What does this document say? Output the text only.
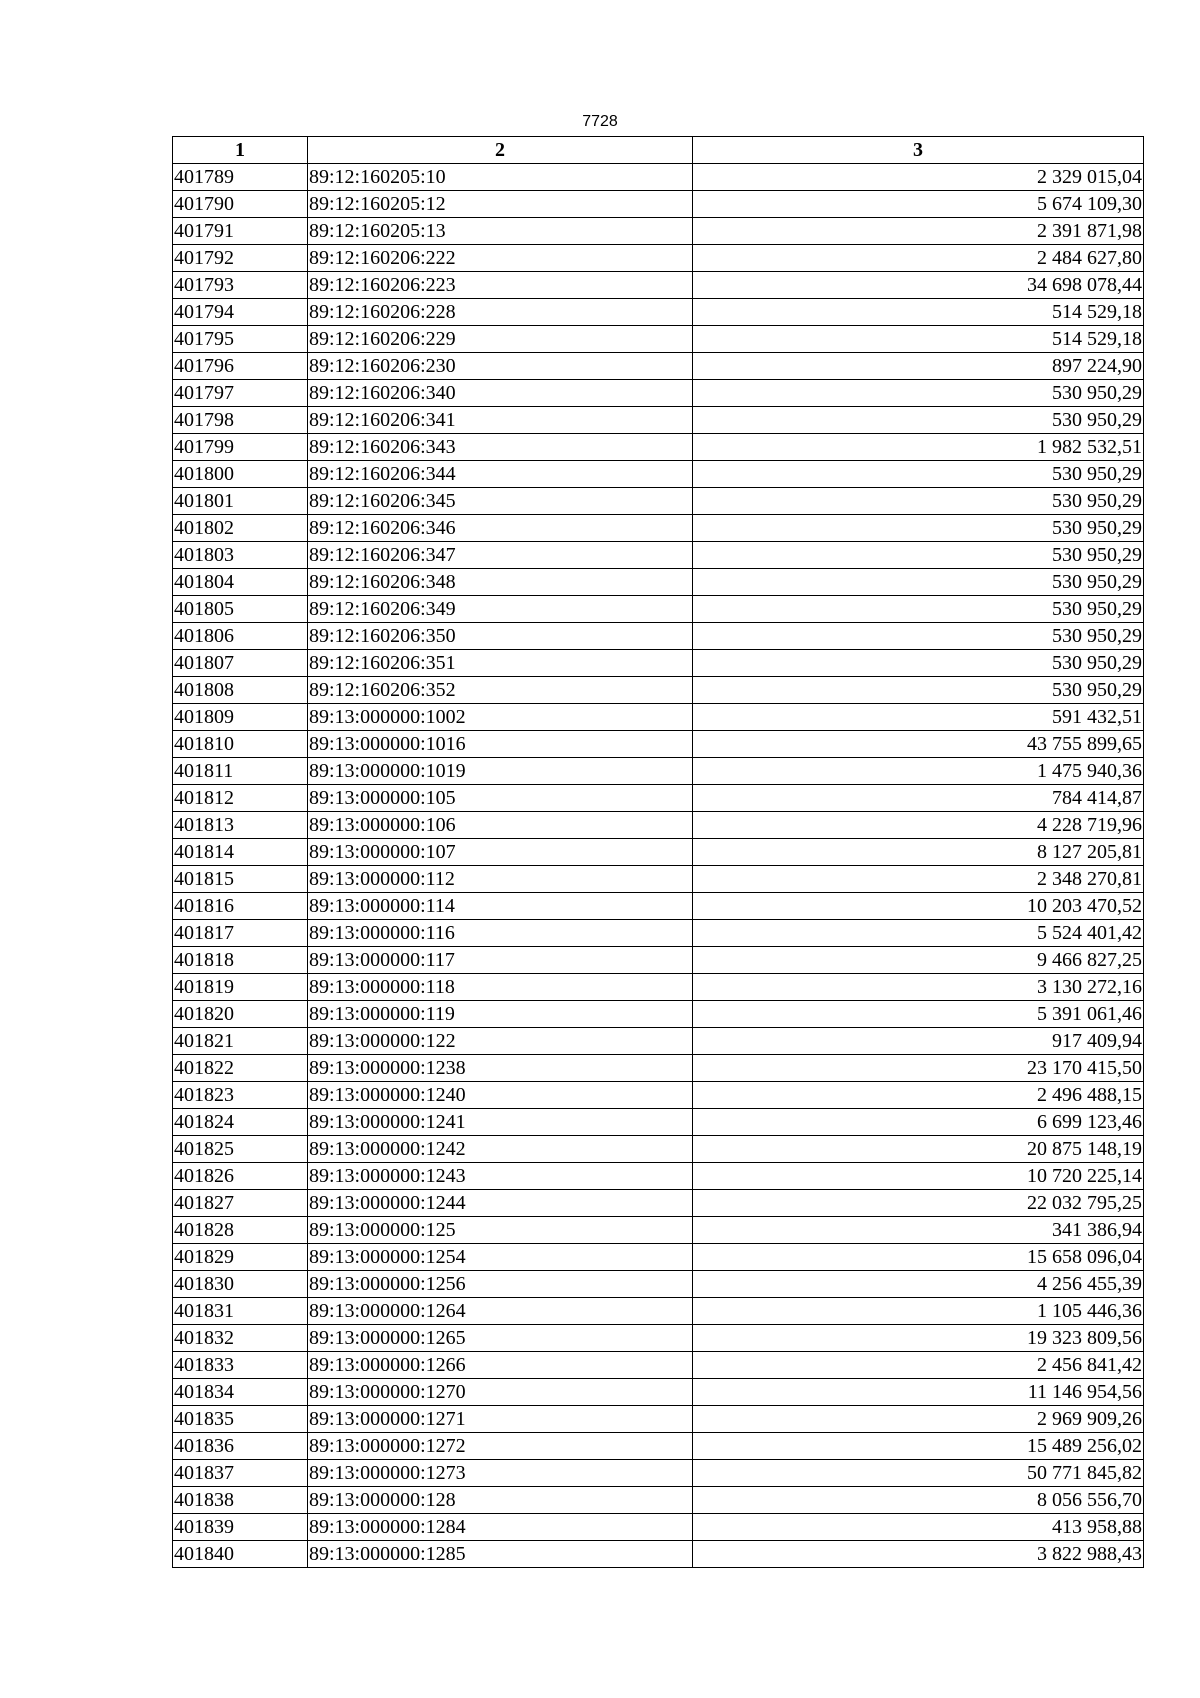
7728
1	2	3
401789	89:12:160205:10	2 329 015,04
401790	89:12:160205:12	5 674 109,30
401791	89:12:160205:13	2 391 871,98
401792	89:12:160206:222	2 484 627,80
401793	89:12:160206:223	34 698 078,44
401794	89:12:160206:228	514 529,18
401795	89:12:160206:229	514 529,18
401796	89:12:160206:230	897 224,90
401797	89:12:160206:340	530 950,29
401798	89:12:160206:341	530 950,29
401799	89:12:160206:343	1 982 532,51
401800	89:12:160206:344	530 950,29
401801	89:12:160206:345	530 950,29
401802	89:12:160206:346	530 950,29
401803	89:12:160206:347	530 950,29
401804	89:12:160206:348	530 950,29
401805	89:12:160206:349	530 950,29
401806	89:12:160206:350	530 950,29
401807	89:12:160206:351	530 950,29
401808	89:12:160206:352	530 950,29
401809	89:13:000000:1002	591 432,51
401810	89:13:000000:1016	43 755 899,65
401811	89:13:000000:1019	1 475 940,36
401812	89:13:000000:105	784 414,87
401813	89:13:000000:106	4 228 719,96
401814	89:13:000000:107	8 127 205,81
401815	89:13:000000:112	2 348 270,81
401816	89:13:000000:114	10 203 470,52
401817	89:13:000000:116	5 524 401,42
401818	89:13:000000:117	9 466 827,25
401819	89:13:000000:118	3 130 272,16
401820	89:13:000000:119	5 391 061,46
401821	89:13:000000:122	917 409,94
401822	89:13:000000:1238	23 170 415,50
401823	89:13:000000:1240	2 496 488,15
401824	89:13:000000:1241	6 699 123,46
401825	89:13:000000:1242	20 875 148,19
401826	89:13:000000:1243	10 720 225,14
401827	89:13:000000:1244	22 032 795,25
401828	89:13:000000:125	341 386,94
401829	89:13:000000:1254	15 658 096,04
401830	89:13:000000:1256	4 256 455,39
401831	89:13:000000:1264	1 105 446,36
401832	89:13:000000:1265	19 323 809,56
401833	89:13:000000:1266	2 456 841,42
401834	89:13:000000:1270	11 146 954,56
401835	89:13:000000:1271	2 969 909,26
401836	89:13:000000:1272	15 489 256,02
401837	89:13:000000:1273	50 771 845,82
401838	89:13:000000:128	8 056 556,70
401839	89:13:000000:1284	413 958,88
401840	89:13:000000:1285	3 822 988,43
